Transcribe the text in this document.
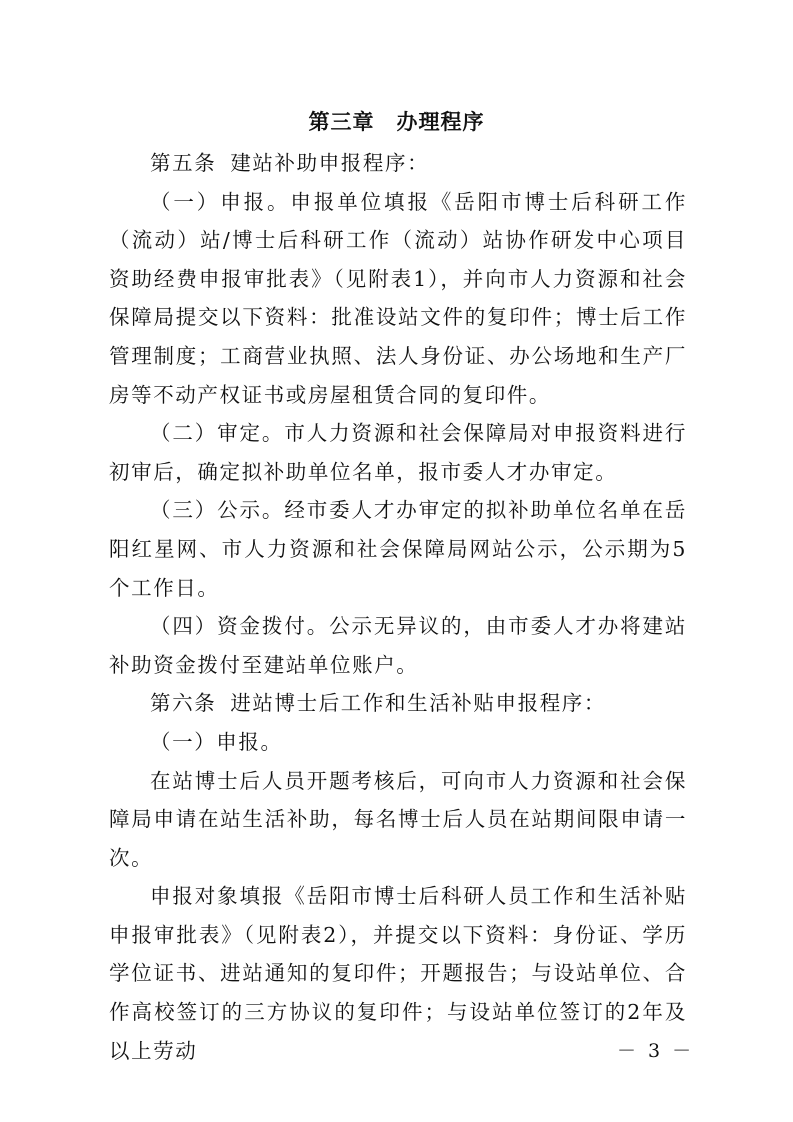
第三章 办理程序

第五条 建站补助申报程序：

（一）申报。申报单位填报《岳阳市博士后科研工作（流动）站/博士后科研工作（流动）站协作研发中心项目资助经费申报审批表》（见附表1），并向市人力资源和社会保障局提交以下资料：批准设站文件的复印件；博士后工作管理制度；工商营业执照、法人身份证、办公场地和生产厂房等不动产权证书或房屋租赁合同的复印件。

（二）审定。市人力资源和社会保障局对申报资料进行初审后，确定拟补助单位名单，报市委人才办审定。

（三）公示。经市委人才办审定的拟补助单位名单在岳阳红星网、市人力资源和社会保障局网站公示，公示期为5个工作日。

（四）资金拨付。公示无异议的，由市委人才办将建站补助资金拨付至建站单位账户。

第六条 进站博士后工作和生活补贴申报程序：

（一）申报。

在站博士后人员开题考核后，可向市人力资源和社会保障局申请在站生活补助，每名博士后人员在站期间限申请一次。

申报对象填报《岳阳市博士后科研人员工作和生活补贴申报审批表》（见附表2），并提交以下资料：身份证、学历学位证书、进站通知的复印件；开题报告；与设站单位、合作高校签订的三方协议的复印件；与设站单位签订的2年及以上劳动	－ 3 －
